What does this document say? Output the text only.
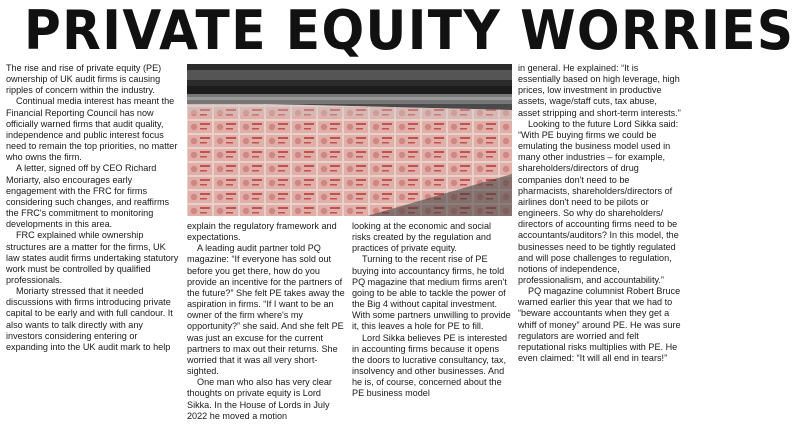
PRIVATE EQUITY WORRIES

The rise and rise of private equity (PE) ownership of UK audit firms is causing ripples of concern within the industry.

Continual media interest has meant the Financial Reporting Council has now officially warned firms that audit quality, independence and public interest focus need to remain the top priorities, no matter who owns the firm.

A letter, signed off by CEO Richard Moriarty, also encourages early engagement with the FRC for firms considering such changes, and reaffirms the FRC's commitment to monitoring developments in this area.

FRC explained while ownership structures are a matter for the firms, UK law states audit firms undertaking statutory work must be controlled by qualified professionals.

Moriarty stressed that it needed discussions with firms introducing private capital to be early and with full candour. It also wants to talk directly with any investors considering entering or expanding into the UK audit mark to help

explain the regulatory framework and expectations.

A leading audit partner told PQ magazine: “If everyone has sold out before you get there, how do you provide an incentive for the partners of the future?” She felt PE takes away the aspiration in firms. “If I want to be an owner of the firm where's my opportunity?” she said. And she felt PE was just an excuse for the current partners to max out their returns. She worried that it was all very short-sighted.

One man who also has very clear thoughts on private equity is Lord Sikka. In the House of Lords in July 2022 he moved a motion

looking at the economic and social risks created by the regulation and practices of private equity.

Turning to the recent rise of PE buying into accountancy firms, he told PQ magazine that medium firms aren't going to be able to tackle the power of the Big 4 without capital investment. With some partners unwilling to provide it, this leaves a hole for PE to fill.

Lord Sikka believes PE is interested in accounting firms because it opens the doors to lucrative consultancy, tax, insolvency and other businesses. And he is, of course, concerned about the PE business model

in general. He explained: “It is essentially based on high leverage, high prices, low investment in productive assets, wage/staff cuts, tax abuse, asset stripping and short-term interests.”

Looking to the future Lord Sikka said: “With PE buying firms we could be emulating the business model used in many other industries – for example, shareholders/directors of drug companies don't need to be pharmacists, shareholders/directors of airlines don't need to be pilots or engineers. So why do shareholders/ directors of accounting firms need to be accountants/auditors? In this model, the businesses need to be tightly regulated and will pose challenges to regulation, notions of independence, professionalism, and accountability.”

PQ magazine columnist Robert Bruce warned earlier this year that we had to “beware accountants when they get a whiff of money” around PE. He was sure regulators are worried and felt reputational risks multiplies with PE. He even claimed: “It will all end in tears!”
